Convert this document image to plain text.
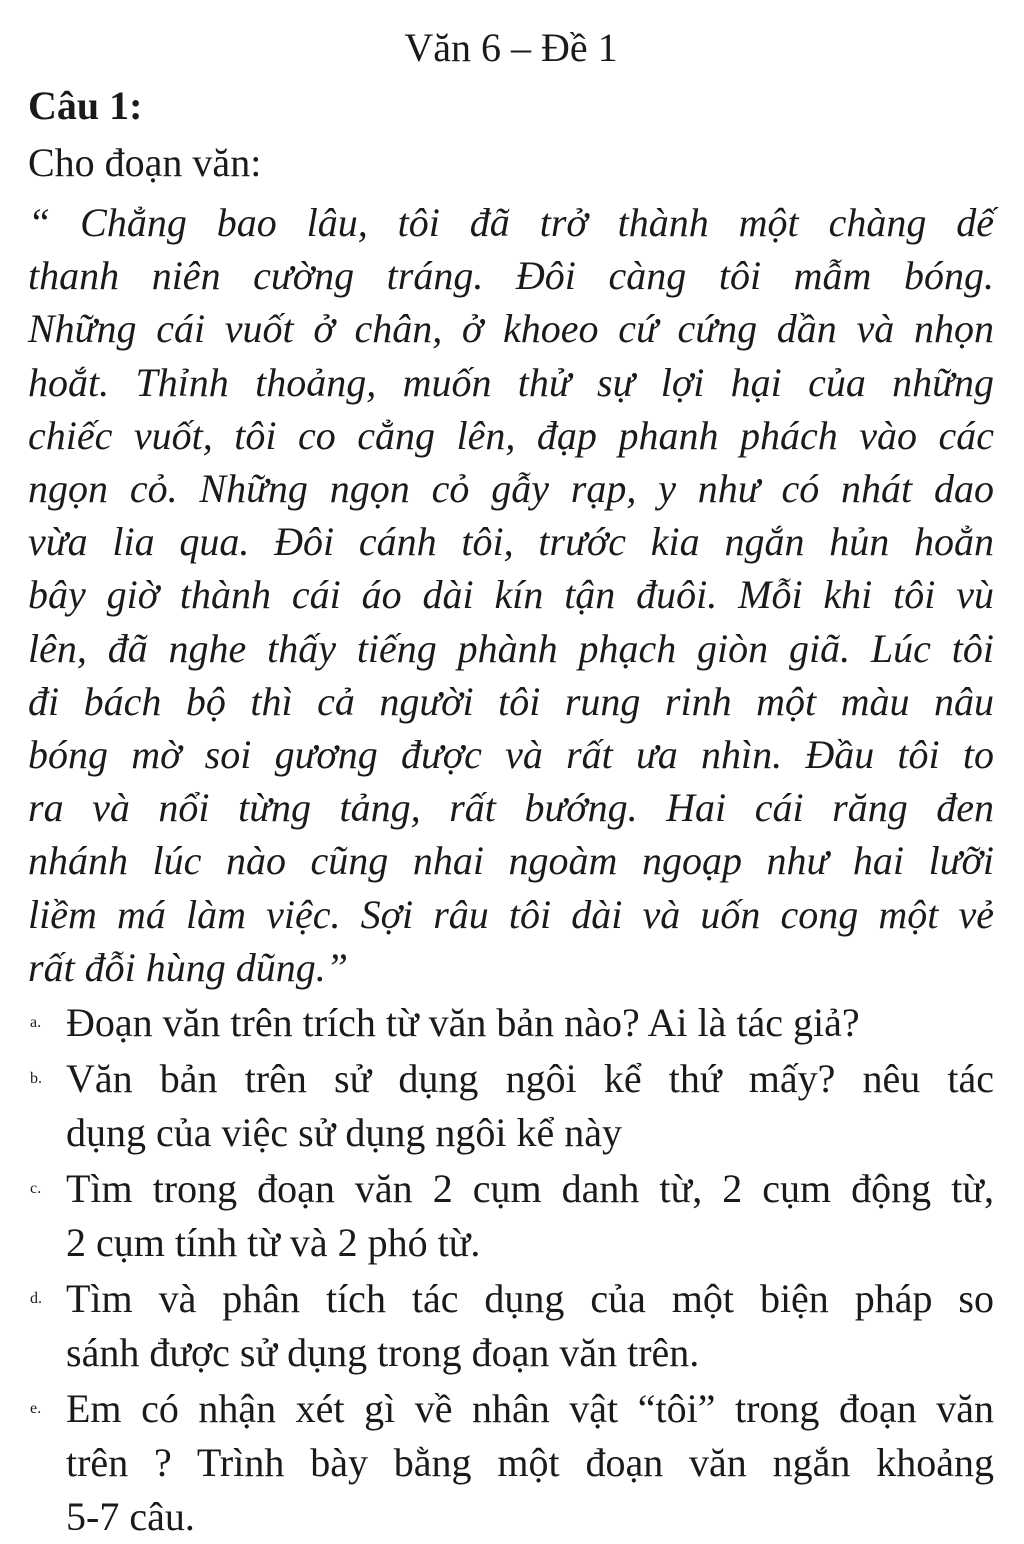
Văn 6 – Đề 1

Câu 1:

Cho đoạn văn:

“ Chẳng bao lâu, tôi đã trở thành một chàng dế
thanh niên cường tráng. Đôi càng tôi mẫm bóng.
Những cái vuốt ở chân, ở khoeo cứ cứng dần và nhọn
hoắt. Thỉnh thoảng, muốn thử sự lợi hại của những
chiếc vuốt, tôi co cẳng lên, đạp phanh phách vào các
ngọn cỏ. Những ngọn cỏ gẫy rạp, y như có nhát dao
vừa lia qua. Đôi cánh tôi, trước kia ngắn hủn hoẳn
bây giờ thành cái áo dài kín tận đuôi. Mỗi khi tôi vù
lên, đã nghe thấy tiếng phành phạch giòn giã. Lúc tôi
đi bách bộ thì cả người tôi rung rinh một màu nâu
bóng mờ soi gương được và rất ưa nhìn. Đầu tôi to
ra và nổi từng tảng, rất bướng. Hai cái răng đen
nhánh lúc nào cũng nhai ngoàm ngoạp như hai lưỡi
liềm má làm việc. Sợi râu tôi dài và uốn cong một vẻ
rất đỗi hùng dũng.”
a. Đoạn văn trên trích từ văn bản nào? Ai là tác giả?
b. Văn bản trên sử dụng ngôi kể thứ mấy? nêu tác
dụng của việc sử dụng ngôi kể này
c. Tìm trong đoạn văn 2 cụm danh từ, 2 cụm động từ,
2 cụm tính từ và 2 phó từ.
d. Tìm và phân tích tác dụng của một biện pháp so
sánh được sử dụng trong đoạn văn trên.
e. Em có nhận xét gì về nhân vật “tôi” trong đoạn văn
trên ? Trình bày bằng một đoạn văn ngắn khoảng
5-7 câu.
